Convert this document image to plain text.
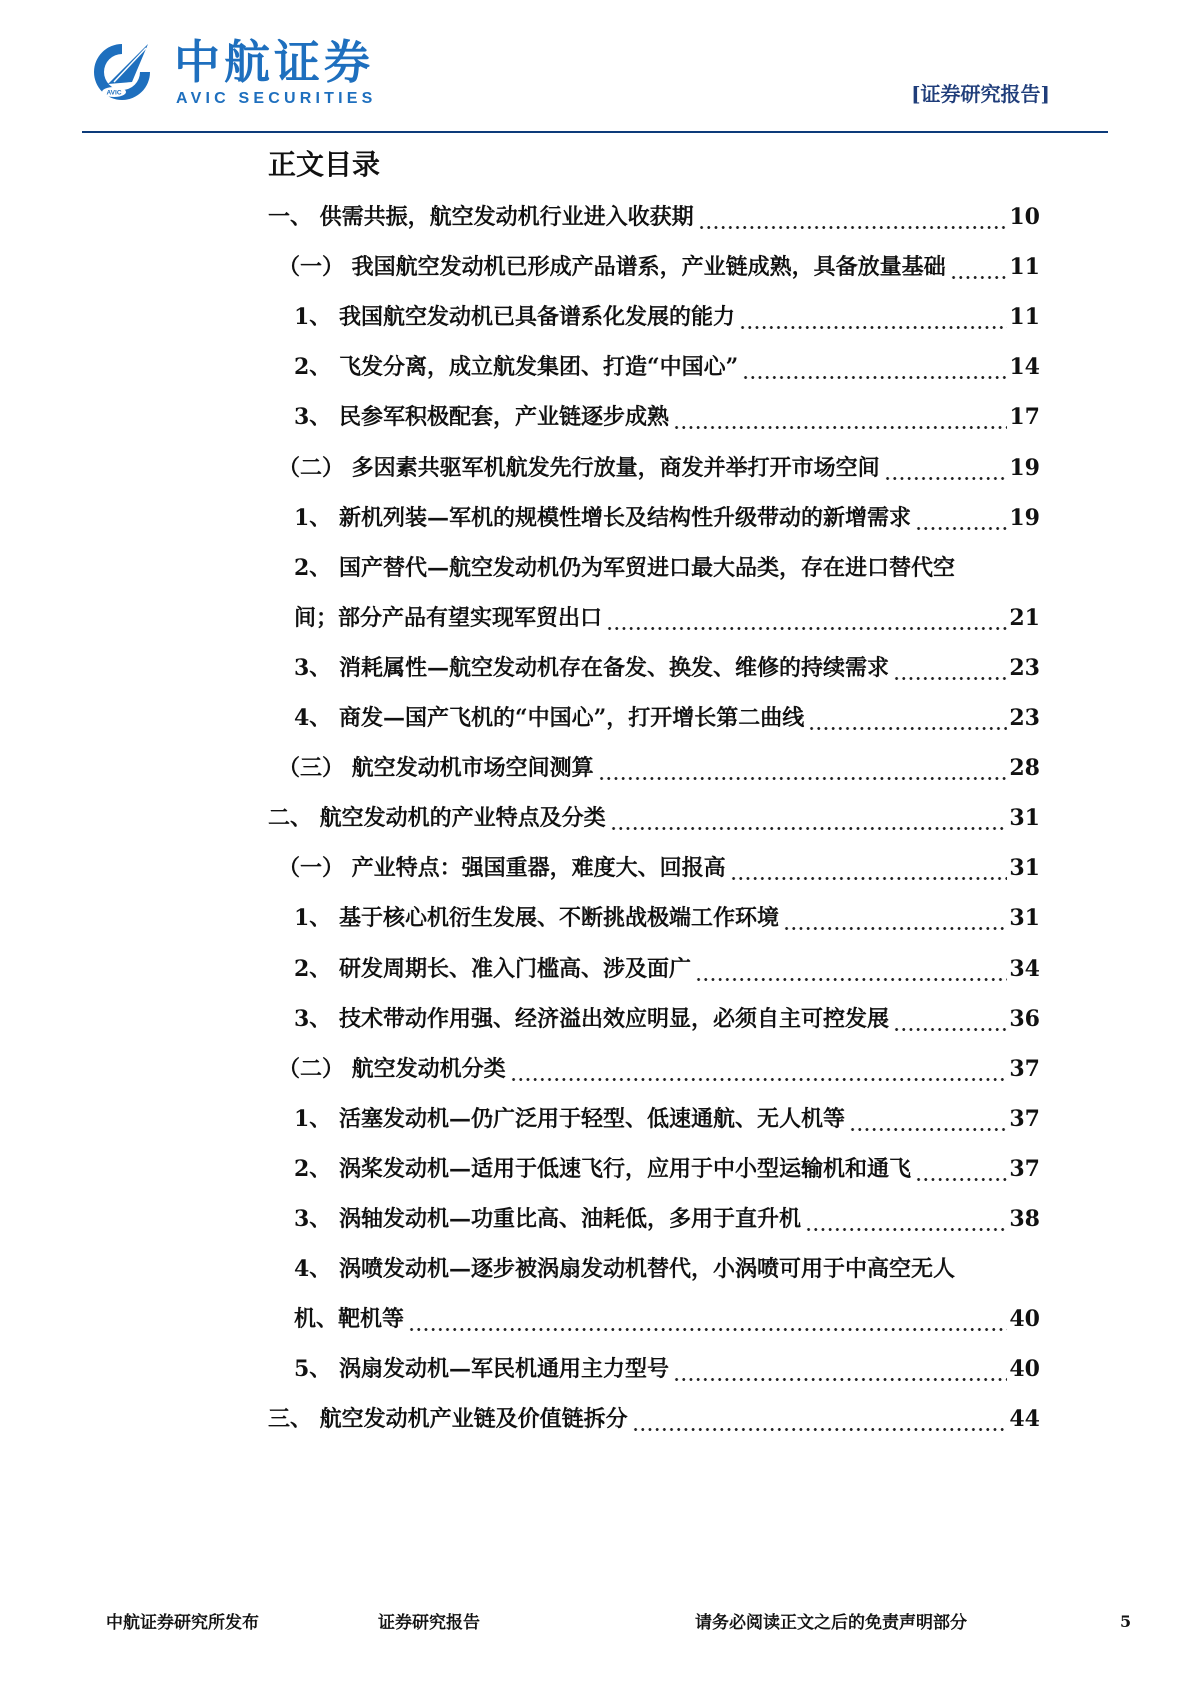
AVIC
中航证券
AVIC SECURITIES	[证券研究报告]
正文目录
一、 供需共振，航空发动机行业进入收获期	10
（一） 我国航空发动机已形成产品谱系，产业链成熟，具备放量基础	11
1、 我国航空发动机已具备谱系化发展的能力	11
2、 飞发分离，成立航发集团、打造“中国心”	14
3、 民参军积极配套，产业链逐步成熟	17
（二） 多因素共驱军机航发先行放量，商发并举打开市场空间	19
1、 新机列装—军机的规模性增长及结构性升级带动的新增需求	19
2、 国产替代—航空发动机仍为军贸进口最大品类，存在进口替代空
间；部分产品有望实现军贸出口	21
3、 消耗属性—航空发动机存在备发、换发、维修的持续需求	23
4、 商发—国产飞机的“中国心”，打开增长第二曲线	23
（三） 航空发动机市场空间测算	28
二、 航空发动机的产业特点及分类	31
（一） 产业特点：强国重器，难度大、回报高	31
1、 基于核心机衍生发展、不断挑战极端工作环境	31
2、 研发周期长、准入门槛高、涉及面广	34
3、 技术带动作用强、经济溢出效应明显，必须自主可控发展	36
（二） 航空发动机分类	37
1、 活塞发动机—仍广泛用于轻型、低速通航、无人机等	37
2、 涡桨发动机—适用于低速飞行，应用于中小型运输机和通飞	37
3、 涡轴发动机—功重比高、油耗低，多用于直升机	38
4、 涡喷发动机—逐步被涡扇发动机替代，小涡喷可用于中高空无人
机、靶机等	40
5、 涡扇发动机—军民机通用主力型号	40
三、 航空发动机产业链及价值链拆分	44
中航证券研究所发布	证券研究报告	请务必阅读正文之后的免责声明部分	5
